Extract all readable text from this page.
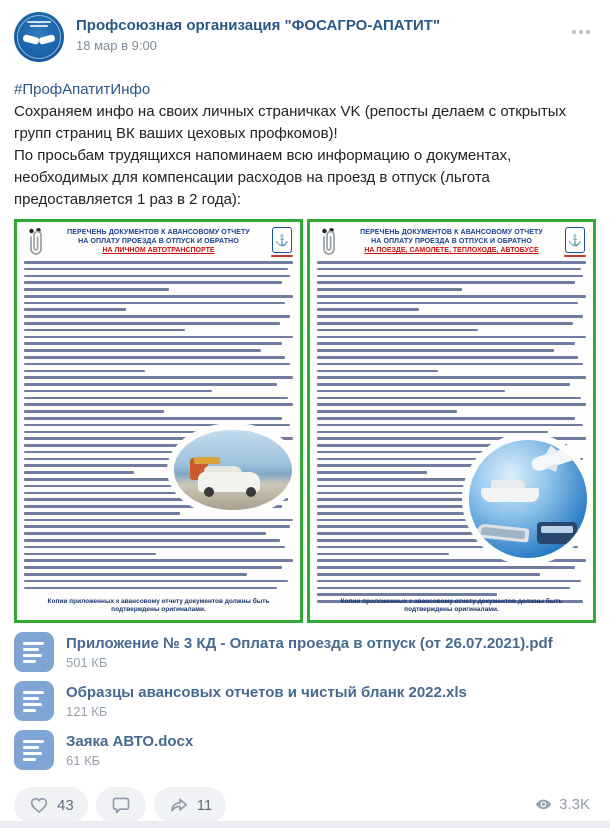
Профсоюзная организация "ФОСАГРО-АПАТИТ"
18 мар в 9:00
#ПрофАпатитИнфо
Сохраняем инфо на своих личных страничках VK (репосты делаем с открытых групп страниц ВК ваших цеховых профкомов)!
По просьбам трудящихся напоминаем всю информацию о документах, необходимых для компенсации расходов на проезд в отпуск (льгота предоставляется 1 раз в 2 года):
ПЕРЕЧЕНЬ ДОКУМЕНТОВ К АВАНСОВОМУ ОТЧЕТУ
НА ОПЛАТУ ПРОЕЗДА В ОТПУСК И ОБРАТНО
НА ЛИЧНОМ АВТОТРАНСПОРТЕ
⚓
Копии приложенных к авансовому отчету документов должны быть подтверждены оригиналами.
ПЕРЕЧЕНЬ ДОКУМЕНТОВ К АВАНСОВОМУ ОТЧЕТУ
НА ОПЛАТУ ПРОЕЗДА В ОТПУСК И ОБРАТНО
НА ПОЕЗДЕ, САМОЛЕТЕ, ТЕПЛОХОДЕ, АВТОБУСЕ
⚓
Копии приложенных к авансовому отчету документов должны быть подтверждены оригиналами.
Приложение № 3 КД - Оплата проезда в отпуск (от 26.07.2021).pdf
501 КБ
Образцы авансовых отчетов и чистый бланк 2022.xls
121 КБ
Заяка АВТО.docx
61 КБ
43	11	3.3K
